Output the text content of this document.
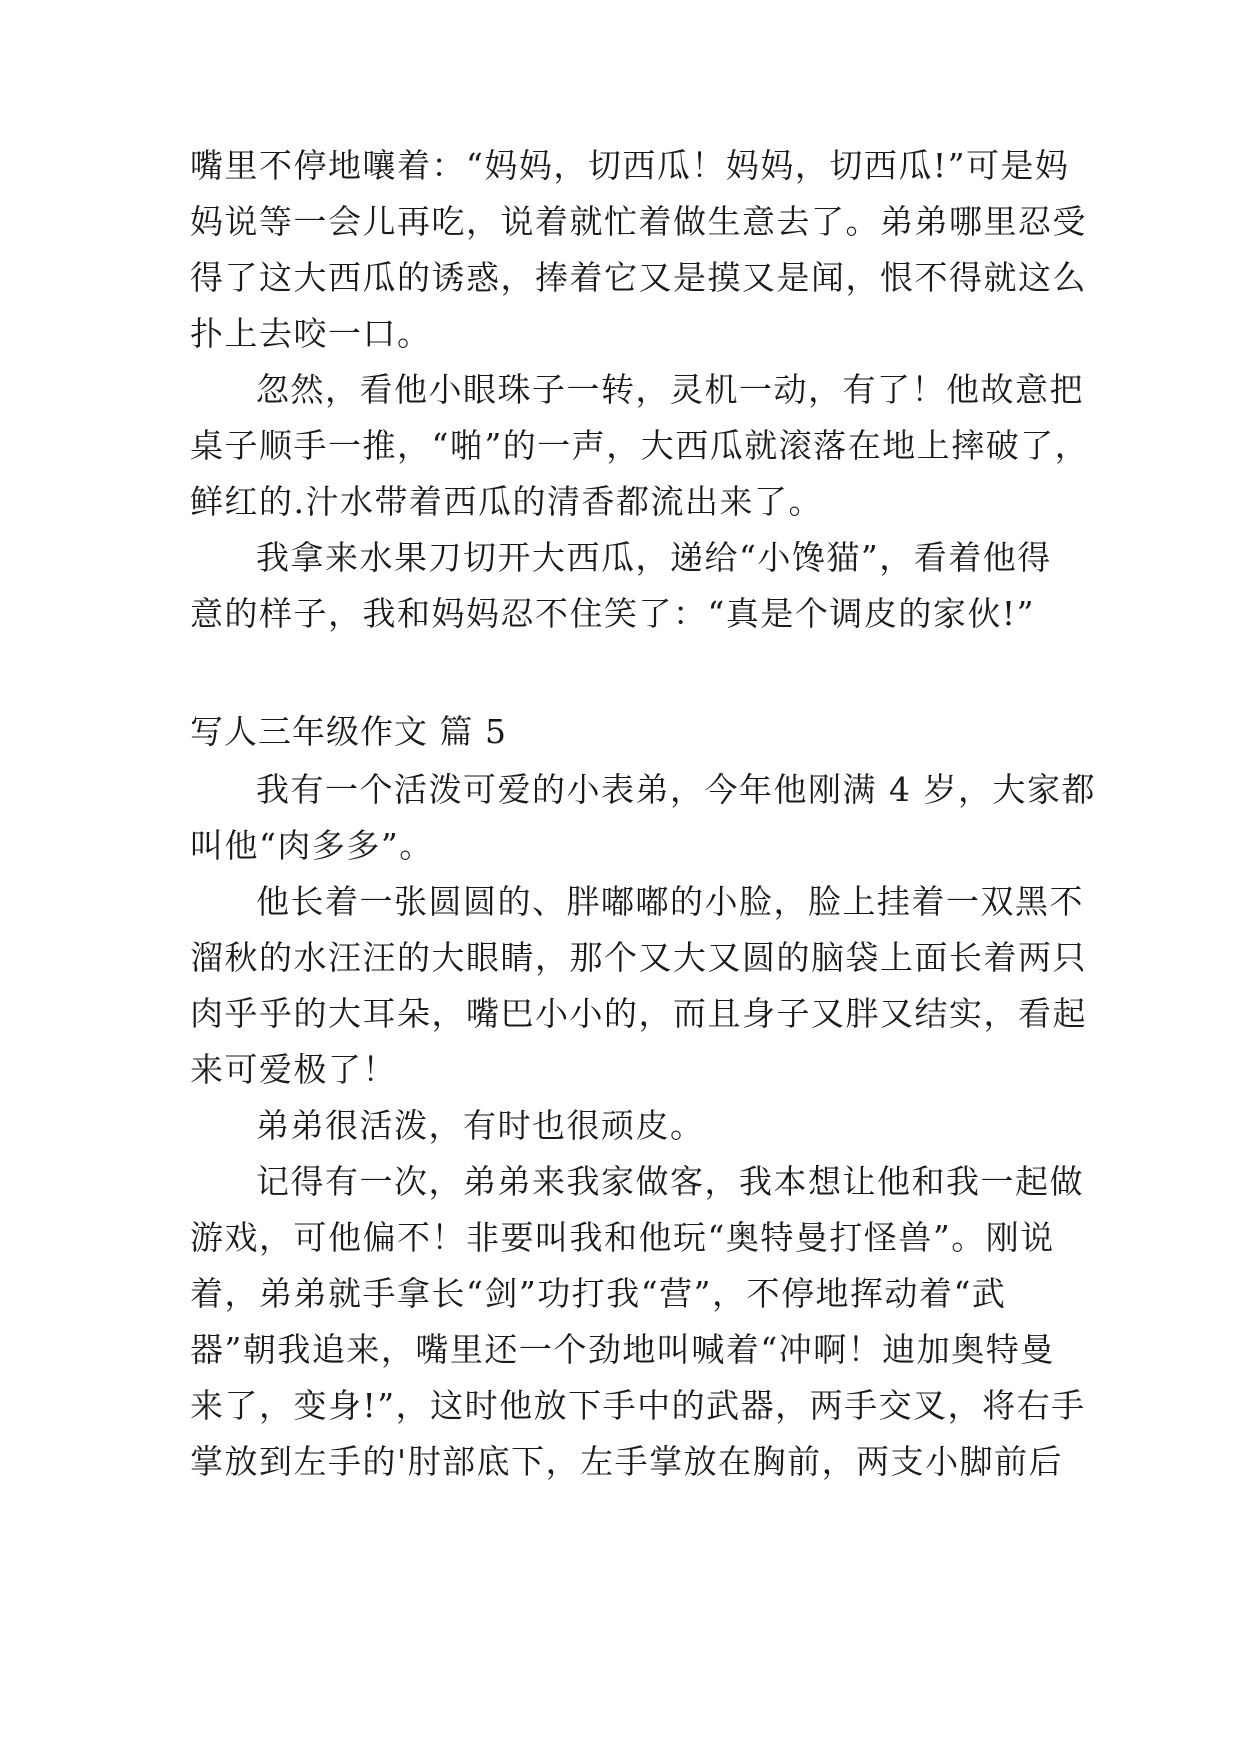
嘴里不停地嚷着：“妈妈，切西瓜！妈妈，切西瓜!”可是妈
妈说等一会儿再吃，说着就忙着做生意去了。弟弟哪里忍受
得了这大西瓜的诱惑，捧着它又是摸又是闻，恨不得就这么
扑上去咬一口。
忽然，看他小眼珠子一转，灵机一动，有了！他故意把
桌子顺手一推，“啪”的一声，大西瓜就滚落在地上摔破了，
鲜红的.汁水带着西瓜的清香都流出来了。
我拿来水果刀切开大西瓜，递给“小馋猫”，看着他得
意的样子，我和妈妈忍不住笑了：“真是个调皮的家伙!”
写人三年级作文 篇 5
我有一个活泼可爱的小表弟，今年他刚满 4 岁，大家都
叫他“肉多多”。
他长着一张圆圆的、胖嘟嘟的小脸，脸上挂着一双黑不
溜秋的水汪汪的大眼睛，那个又大又圆的脑袋上面长着两只
肉乎乎的大耳朵，嘴巴小小的，而且身子又胖又结实，看起
来可爱极了！
弟弟很活泼，有时也很顽皮。
记得有一次，弟弟来我家做客，我本想让他和我一起做
游戏，可他偏不！非要叫我和他玩“奥特曼打怪兽”。刚说
着，弟弟就手拿长“剑”功打我“营”，不停地挥动着“武
器”朝我追来，嘴里还一个劲地叫喊着“冲啊！迪加奥特曼
来了，变身!”，这时他放下手中的武器，两手交叉，将右手
掌放到左手的'肘部底下，左手掌放在胸前，两支小脚前后
